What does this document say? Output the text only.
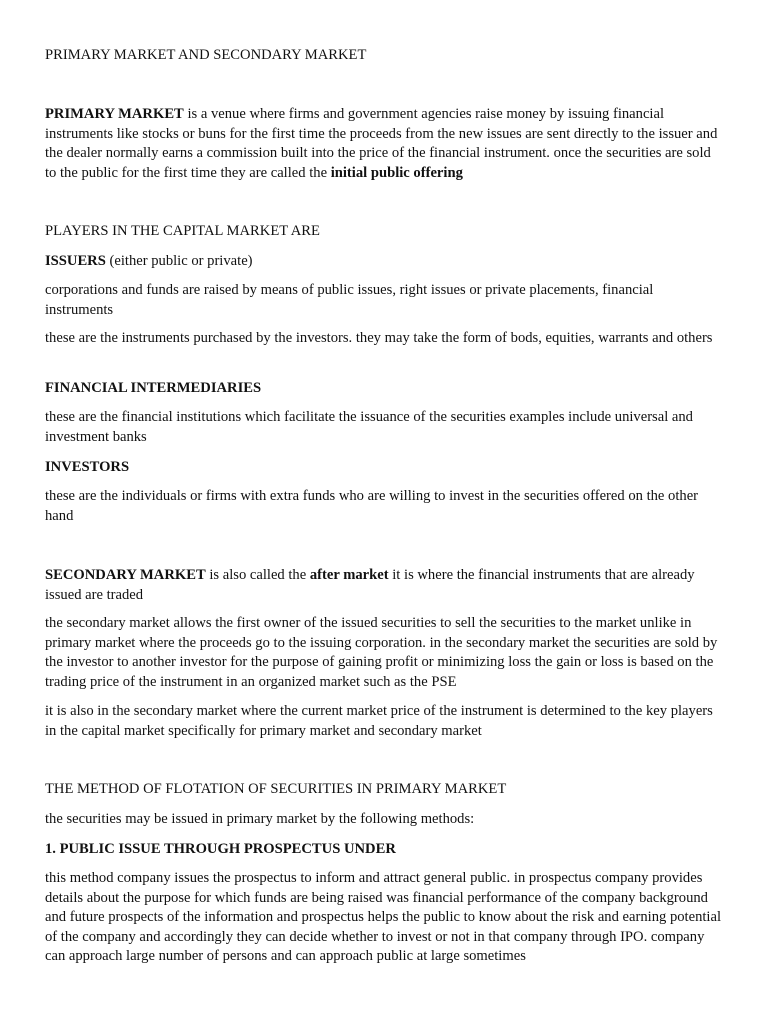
PRIMARY MARKET AND SECONDARY MARKET

PRIMARY MARKET is a venue where firms and government agencies raise money by issuing financial instruments like stocks or buns for the first time the proceeds from the new issues are sent directly to the issuer and the dealer normally earns a commission built into the price of the financial instrument. once the securities are sold to the public for the first time they are called the initial public offering

PLAYERS IN THE CAPITAL MARKET ARE

ISSUERS (either public or private)

corporations and funds are raised by means of public issues, right issues or private placements, financial instruments

these are the instruments purchased by the investors. they may take the form of bods, equities, warrants and others

FINANCIAL INTERMEDIARIES

these are the financial institutions which facilitate the issuance of the securities examples include universal and investment banks

INVESTORS

these are the individuals or firms with extra funds who are willing to invest in the securities offered on the other hand

SECONDARY MARKET is also called the after market it is where the financial instruments that are already issued are traded

the secondary market allows the first owner of the issued securities to sell the securities to the market unlike in primary market where the proceeds go to the issuing corporation. in the secondary market the securities are sold by the investor to another investor for the purpose of gaining profit or minimizing loss the gain or loss is based on the trading price of the instrument in an organized market such as the PSE

it is also in the secondary market where the current market price of the instrument is determined to the key players in the capital market specifically for primary market and secondary market

THE METHOD OF FLOTATION OF SECURITIES IN PRIMARY MARKET

the securities may be issued in primary market by the following methods:

1. PUBLIC ISSUE THROUGH PROSPECTUS UNDER

this method company issues the prospectus to inform and attract general public. in prospectus company provides details about the purpose for which funds are being raised was financial performance of the company background and future prospects of the information and prospectus helps the public to know about the risk and earning potential of the company and accordingly they can decide whether to invest or not in that company through IPO. company can approach large number of persons and can approach public at large sometimes
